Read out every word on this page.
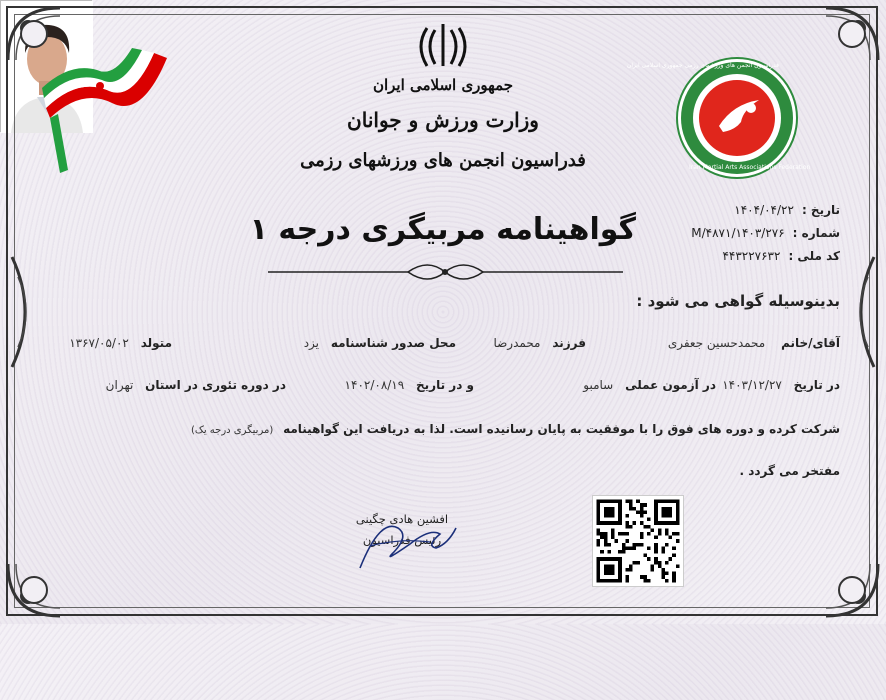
جمهوری اسلامی ایران
وزارت ورزش و جوانان
فدراسیون انجمن های ورزشهای رزمی
گواهینامه مربیگری درجه ۱
فدراسیون انجمن های ورزشهای رزمی جمهوری اسلامی ایران
Iran Martial Arts Associations Federation
تاریخ :۱۴۰۴/۰۴/۲۲
شماره :۱۴۰۳/۲۷۶/M/۴۸۷۱
کد ملی :۴۴۳۲۲۷۶۳۲
بدینوسیله گواهی می شود :
آقای/خانم محمدحسین جعفری
فرزند محمدرضا
محل صدور شناسنامه یزد
متولد ۱۳۶۷/۰۵/۰۲
در تاریخ ۱۴۰۳/۱۲/۲۷
در آزمون عملی سامبو
و در تاریخ ۱۴۰۲/۰۸/۱۹
در دوره تئوری در استان تهران
شرکت کرده و دوره های فوق را با موفقیت به پایان رسانیده است. لذا به دریافت این گواهینامه (مربیگری درجه یک)
مفتخر می گردد .
افشین هادی چگینی
رئیس فدراسیون
